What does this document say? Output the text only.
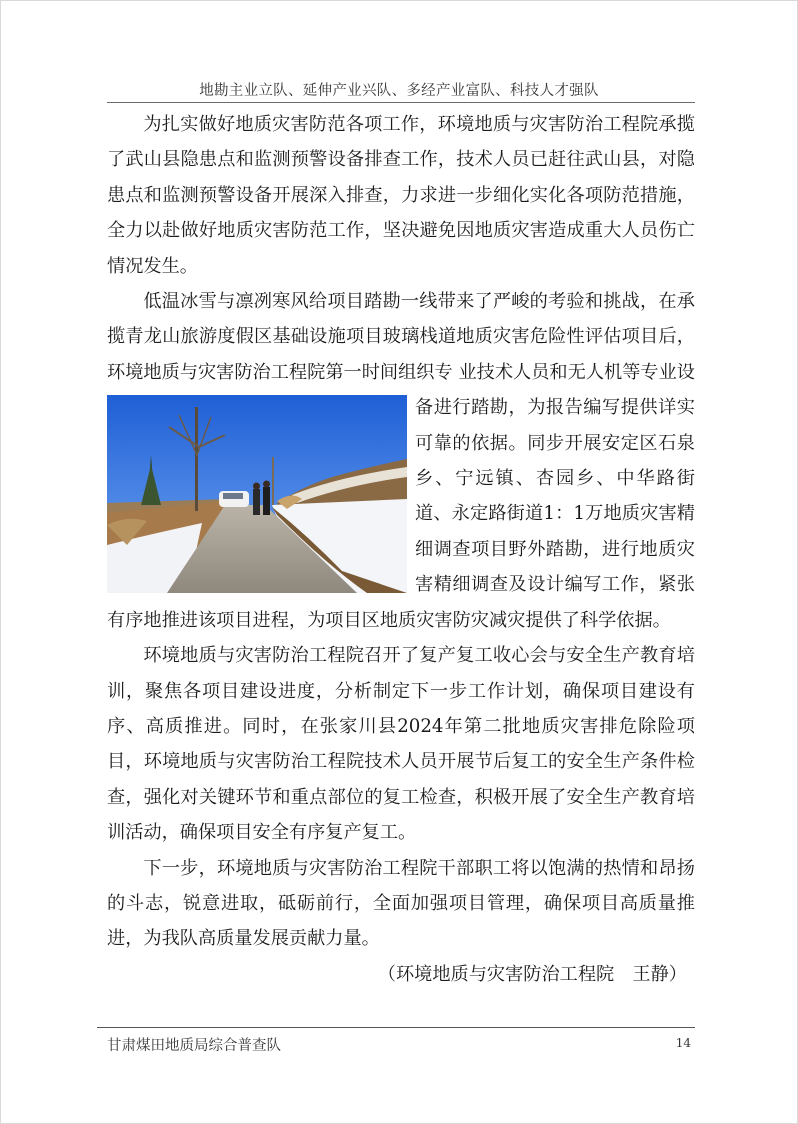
地勘主业立队、延伸产业兴队、多经产业富队、科技人才强队

为扎实做好地质灾害防范各项工作，环境地质与灾害防治工程院承揽了武山县隐患点和监测预警设备排查工作，技术人员已赶往武山县，对隐患点和监测预警设备开展深入排查，力求进一步细化实化各项防范措施，全力以赴做好地质灾害防范工作，坚决避免因地质灾害造成重大人员伤亡情况发生。

低温冰雪与凛冽寒风给项目踏勘一线带来了严峻的考验和挑战，在承揽青龙山旅游度假区基础设施项目玻璃栈道地质灾害危险性评估项目后，环境地质与灾害防治工程院第一时间组织专 业技术人员和无人机等专业设备进行踏勘，为报告编写提供详实可靠的依据。同步开展安定区石泉乡、宁远镇、杏园乡、中华路街道、永定路街道1：1万地质灾害精细调查项目野外踏勘，进行地质灾害精细调查及设计编写工作，紧张有序地推进该项目进程，为项目区地质灾害防灾减灾提供了科学依据。

环境地质与灾害防治工程院召开了复产复工收心会与安全生产教育培训，聚焦各项目建设进度，分析制定下一步工作计划，确保项目建设有序、高质推进。同时，在张家川县2024年第二批地质灾害排危除险项目，环境地质与灾害防治工程院技术人员开展节后复工的安全生产条件检查，强化对关键环节和重点部位的复工检查，积极开展了安全生产教育培训活动，确保项目安全有序复产复工。

下一步，环境地质与灾害防治工程院干部职工将以饱满的热情和昂扬的斗志，锐意进取，砥砺前行，全面加强项目管理，确保项目高质量推进，为我队高质量发展贡献力量。

（环境地质与灾害防治工程院　王静）

甘肃煤田地质局综合普查队	14
